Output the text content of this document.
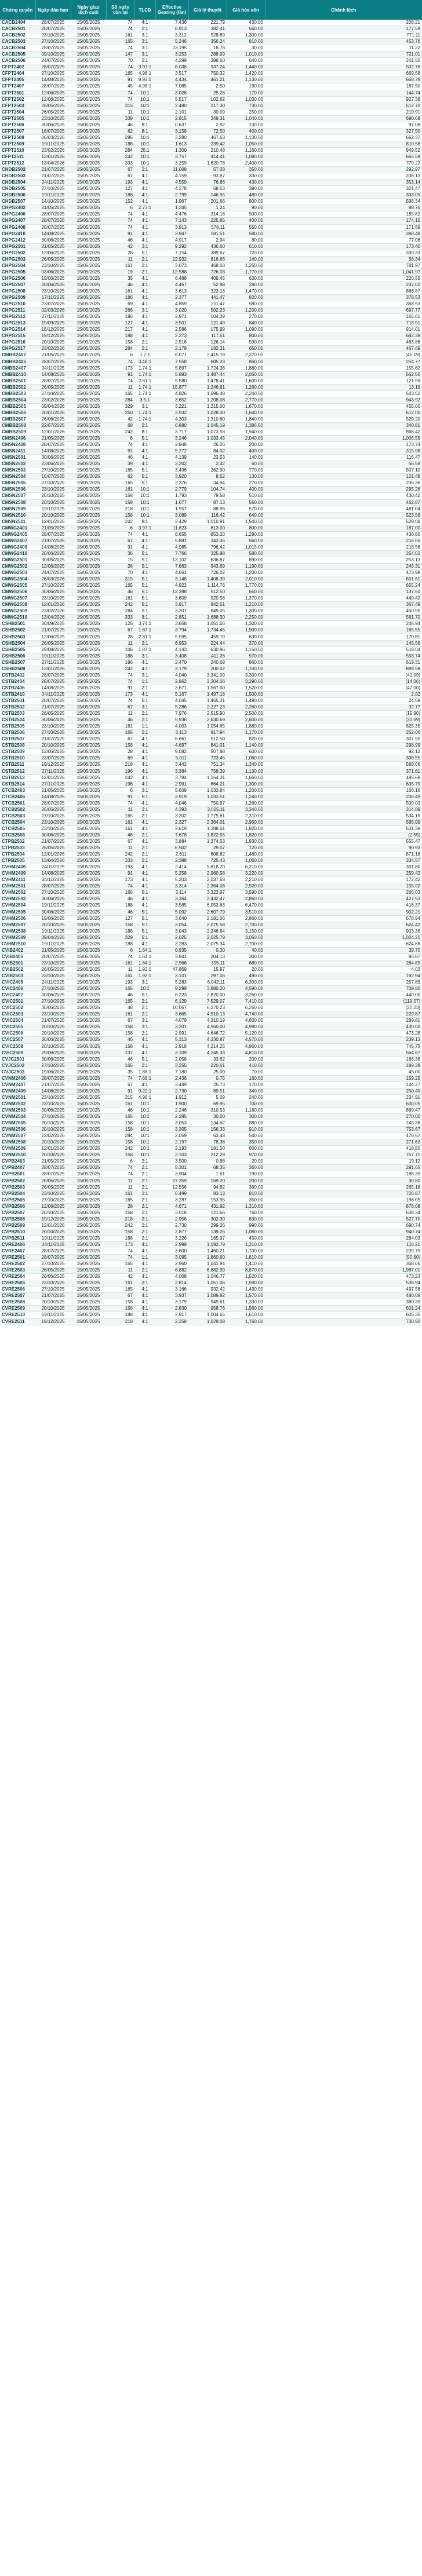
Chứng quyền	Ngày đáo hạn	Ngày giao dịch cuối	Số ngày còn lại	TLCĐ	Effective Gearing (lần)	Giá lý thuyết	Giá hòa vốn	Chênh lệch
CACB2404	28/07/2025	15/05/2025	74	4:1	7.436	221.79	430.00	208.21
CACB2501	28/07/2025	15/05/2025	74	2:1	8.913	382.41	560.00	177.59
CACB2502	23/10/2025	15/05/2025	161	3:1	3.312	528.89	1,300.00	771.11
CACB2503	27/10/2025	15/05/2025	165	3:1	5.246	356.24	810.00	453.76
CACB2504	28/07/2025	15/05/2025	74	3:1	23.195	18.78	30.00	11.22
CACB2505	09/10/2025	15/05/2025	147	3:1	3.253	288.99	1,010.00	721.01
CACB2506	24/07/2025	15/05/2025	70	2:1	4.299	398.50	640.00	241.50
CFPT2402	28/07/2025	15/05/2025	74	3.97:1	8.038	937.24	1,440.00	502.76
CFPT2404	27/10/2025	15/05/2025	165	4.98:1	3.517	750.32	1,420.00	669.68
CFPT2405	14/08/2025	15/05/2025	91	9.93:1	4.434	461.21	1,130.00	668.79
CFPT2407	28/07/2025	15/05/2025	45	4.98:1	7.085	2.50	190.00	187.50
CFPT2501	12/06/2025	15/05/2025	74	10:1	3.028	25.26	170.00	144.74
CFPT2502	12/06/2025	15/05/2025	74	10:1	5.517	102.62	1,030.00	927.38
CFPT2503	26/05/2025	15/05/2025	315	10:1	2.480	217.30	730.00	512.70
CFPT2504	26/05/2025	15/05/2025	11	10:1	2.101	30.09	250.00	219.91
CFPT2505	23/10/2025	15/05/2025	339	10:1	2.815	349.31	1,040.00	690.69
CFPT2506	30/06/2025	15/05/2025	46	8:1	0.637	2.92	100.00	97.08
CFPT2507	16/07/2025	15/05/2025	62	8:1	3.158	72.50	400.00	327.50
CFPT2508	06/03/2026	15/05/2025	295	10:1	3.280	467.63	1,130.00	662.37
CFPT2509	19/11/2025	15/05/2025	188	10:1	1.613	239.42	1,050.00	810.58
CFPT2510	23/02/2026	15/05/2025	284	25:1	1.300	210.48	1,160.00	949.52
CFPT2511	12/01/2026	15/05/2025	242	10:1	3.757	414.41	1,080.00	665.59
CFPT2512	13/04/2026	15/05/2025	333	10:1	3.259	1,620.78	2,400.00	779.22
CHDB2502	21/07/2025	15/05/2025	67	2:1	11.009	57.03	350.00	292.97
CHDB2503	21/07/2025	15/05/2025	67	4:1	4.159	93.87	330.00	236.13
CHDB2504	24/11/2025	15/05/2025	193	4:1	4.559	76.86	430.00	353.14
CHDB2505	27/10/2025	15/05/2025	127	4:1	4.278	68.53	390.00	321.47
CHDB2506	19/11/2025	15/05/2025	188	4:1	2.799	146.95	480.00	333.05
CHDB2507	14/10/2025	15/05/2025	152	4:1	1.967	201.66	800.00	598.34
CHPG2402	21/05/2025	15/05/2025	6	2.73:1	1.245	1.24	90.00	88.76
CHPG2406	28/07/2025	15/05/2025	74	4:1	4.476	314.18	500.00	185.82
CHPG2407	28/07/2025	15/05/2025	74	4:1	7.143	225.85	400.00	174.15
CHPG2408	28/07/2025	15/05/2025	74	4:1	3.913	378.11	550.00	171.89
CHPG2410	14/08/2025	15/05/2025	91	4:1	3.947	181.51	580.00	398.49
CHPG2412	30/06/2025	15/05/2025	46	4:1	4.917	2.94	80.00	77.06
CHPG2501	21/05/2025	15/05/2025	42	3:1	9.292	436.60	610.00	173.40
CHPG2502	12/06/2025	15/05/2025	28	5:1	7.154	389.67	720.00	330.33
CHPG2503	26/05/2025	15/05/2025	11	2:1	22.932	816.66	140.00	56.34
CHPG2504	23/10/2025	15/05/2025	161	2:1	3.073	468.03	1,250.00	781.97
CHPG2505	03/06/2025	15/05/2025	19	2:1	12.588	726.03	1,770.00	1,041.97
CHPG2506	19/06/2025	15/05/2025	35	4:1	6.488	409.45	630.00	220.55
CHPG2507	30/06/2025	15/05/2025	46	4:1	4.467	52.98	290.00	237.02
CHPG2508	23/10/2025	15/05/2025	161	4:1	3.613	323.13	1,470.00	866.87
CHPG2509	17/11/2025	15/05/2025	186	4:1	2.377	441.47	820.00	378.53
CHPG2510	23/07/2025	15/05/2025	69	4:1	4.859	211.47	580.00	368.53
CHPG2511	02/03/2026	15/05/2025	266	3:1	3.020	502.23	1,200.00	697.77
CHPG2512	27/11/2025	15/05/2025	196	4:1	2.971	104.39	270.00	165.61
CHPG2513	19/09/2025	15/05/2025	127	4:1	3.501	121.49	840.00	718.51
CHPG2514	18/12/2025	15/05/2025	217	4:1	2.586	175.99	1,090.00	914.01
CHPG2515	19/12/2025	15/05/2025	188	4:1	2.273	117.61	800.00	682.39
CHPG2516	20/10/2025	15/05/2025	158	2:1	2.516	126.14	590.00	463.86
CHPG2517	23/02/2026	15/05/2025	284	2:1	2.179	182.31	650.00	467.69
CMBB2402	21/05/2025	15/05/2025	6	1.7:1	6.071	2,415.19	2,370.00	(45.19)
CMBB2405	28/07/2025	15/05/2025	74	3.48:1	7.558	605.23	860.00	254.77
CMBB2407	04/11/2025	15/05/2025	173	1.74:1	5.897	1,724.38	1,880.00	155.62
CMBB2410	14/08/2025	15/05/2025	91	1.74:1	5.893	1,487.44	2,050.00	562.56
CMBB2501	28/07/2025	15/05/2025	74	2.61:1	5.580	1,478.41	1,600.00	121.59
CMBB2502	26/05/2025	15/05/2025	11	1.74:1	15.877	1,246.81	1,260.00	13.19
CMBB2503	27/10/2025	15/05/2025	165	1.74:1	4.826	1,696.48	2,240.00	543.52
CMBB2504	23/02/2026	15/05/2025	284	3.5:1	3.652	1,208.08	2,770.00	943.92
CMBB2505	09/04/2026	15/05/2025	329	3:1	3.221	1,215.00	1,670.00	455.00
CMBB2506	20/01/2026	15/05/2025	250	1.74:1	3.932	1,028.00	1,640.00	612.00
CMBB2507	26/06/2025	15/05/2025	42	1.74:1	4.303	1,310.80	1,840.00	529.20
CMBB2508	22/07/2025	15/05/2025	68	2:1	6.880	1,045.19	1,386.00	340.81
CMBB2509	12/01/2026	15/05/2025	242	8:1	3.717	1,073.58	1,940.00	866.42
CMSN2406	21/05/2025	15/05/2025	6	5:1	3.246	1,033.45	2,040.00	1,006.55
CMSN2408	28/07/2025	15/05/2025	74	4:1	2.948	26.26	200.00	173.74
CMSN2411	14/08/2025	15/05/2025	91	4:1	5.272	84.02	400.00	315.98
CMSN2501	30/06/2025	15/05/2025	46	4:1	4.139	23.53	140.00	116.47
CMSN2502	23/06/2025	15/05/2025	39	4:1	3.202	3.42	60.00	56.58
CMSN2503	27/10/2025	15/05/2025	165	5:1	3.496	262.90	770.00	507.10
CMSN2504	16/07/2025	15/05/2025	62	5:1	3.920	8.52	130.00	121.48
CMSN2505	27/10/2025	15/05/2025	165	5:1	2.376	34.64	270.00	235.36
CMSN2506	23/10/2025	15/05/2025	161	10:1	2.779	104.74	400.00	295.26
CMSN2507	20/10/2025	15/05/2025	158	10:1	1.793	79.58	510.00	430.42
CMSN2508	20/10/2025	15/05/2025	158	10:1	1.677	87.13	550.00	462.87
CMSN2509	19/11/2025	15/05/2025	218	10:1	1.557	88.96	570.00	481.04
CMSN2510	20/10/2025	15/05/2025	158	10:1	3.089	116.42	640.00	523.58
CMSN2511	12/01/2026	15/05/2025	242	8:1	3.429	1,010.91	1,540.00	529.09
CMWG2401	21/05/2025	15/05/2025	6	3.97:1	11.823	613.00	800.00	187.00
CMWG2405	28/07/2025	15/05/2025	74	4:1	6.655	853.20	1,290.00	436.80
CMWG2407	21/07/2025	15/05/2025	67	4:1	5.881	343.35	560.00	216.65
CMWG2409	14/08/2025	15/05/2025	91	4:1	4.985	796.42	1,015.00	218.58
CMWG2410	20/06/2025	15/05/2025	36	5:1	7.766	325.98	580.00	254.02
CMWG2501	30/05/2025	15/05/2025	15	5:1	13.102	636.87	890.00	253.13
CMWG2502	12/06/2025	15/05/2025	28	5:1	7.663	943.69	1,190.00	246.31
CMWG2503	24/07/2025	15/05/2025	70	4:1	4.661	726.02	1,200.00	473.98
CMWG2504	26/03/2026	15/05/2025	315	5:1	3.148	1,408.39	2,010.00	601.61
CMWG2505	27/10/2025	15/05/2025	165	5:1	4.923	1,114.76	1,770.00	655.24
CMWG2506	30/06/2025	15/05/2025	46	5:1	12.398	512.50	650.00	137.50
CMWG2507	23/10/2025	15/05/2025	161	5:1	3.609	920.58	1,370.00	449.42
CMWG2508	12/01/2026	15/05/2025	242	5:1	3.917	842.51	1,210.00	367.49
CMWG2509	23/02/2026	15/05/2025	284	5:1	3.207	849.05	1,300.00	450.95
CMWG2510	13/04/2026	15/05/2025	333	8:1	2.851	1,688.30	2,250.00	561.70
CSHB2501	30/09/2025	15/05/2025	125	3.74:1	3.658	1,051.06	1,300.00	248.94
CSHB2502	21/07/2025	15/05/2025	67	1.87:1	3.794	1,734.45	1,900.00	165.55
CSHB2503	12/06/2025	15/05/2025	28	2.81:1	5.595	459.19	630.00	170.81
CSHB2504	26/05/2025	15/05/2025	11	2:1	6.953	224.44	370.00	145.56
CSHB2505	29/08/2025	15/05/2025	106	1.87:1	4.143	630.96	1,150.00	519.04
CSHB2506	19/11/2025	15/05/2025	188	3:1	3.408	411.26	970.00	558.74
CSHB2507	27/11/2025	15/05/2025	196	4:1	2.470	240.69	860.00	619.31
CSHB2508	12/01/2026	15/05/2025	242	4:1	3.179	200.02	1,100.00	899.98
CSTB2402	28/07/2025	15/05/2025	74	3:1	4.040	3,341.09	3,300.00	(41.09)
CSTB2404	28/07/2025	15/05/2025	74	1:1	2.862	3,304.06	3,290.00	(14.06)
CSTB2406	14/08/2025	15/05/2025	91	2:1	3.671	1,567.00	1,520.00	(47.00)
CSTB2410	04/11/2025	15/05/2025	173	4:1	5.167	1,497.18	1,500.00	2.82
CSTB2501	28/07/2025	15/05/2025	74	5:1	4.045	1,465.31	1,490.00	24.69
CSTB2502	21/07/2025	15/05/2025	67	3:1	5.286	2,227.23	2,260.00	32.77
CSTB2503	26/05/2025	15/05/2025	11	2:1	7.976	2,515.90	2,500.00	(15.90)
CSTB2504	30/06/2025	15/05/2025	46	2:1	5.936	2,630.69	2,600.00	(30.69)
CSTB2505	23/10/2025	15/05/2025	161	1:1	4.003	1,054.65	1,880.00	825.35
CSTB2506	27/10/2025	15/05/2025	165	2:1	3.113	917.94	1,170.00	252.06
CSTB2507	21/07/2025	15/05/2025	67	4:1	6.661	512.50	820.00	307.50
CSTB2508	20/10/2025	15/05/2025	158	4:1	4.697	841.01	1,140.00	298.99
CSTB2509	12/06/2025	15/05/2025	28	4:1	9.082	507.88	600.00	92.12
CSTB2510	23/07/2025	15/05/2025	69	4:1	5.011	723.45	1,060.00	336.55
CSTB2511	19/12/2025	15/05/2025	218	4:1	3.442	751.34	1,340.00	588.66
CSTB2512	27/11/2025	15/05/2025	196	4:1	3.384	758.39	1,130.00	371.61
CSTB2513	12/01/2026	15/05/2025	242	4:1	3.784	1,164.31	1,660.00	495.69
CSTB2514	27/11/2025	15/05/2025	196	4:1	2.991	664.21	1,300.00	635.79
CTCB2403	21/05/2025	15/05/2025	6	3:1	5.609	1,033.84	1,200.00	166.16
CTCB2406	14/08/2025	15/05/2025	91	5:1	3.919	1,033.51	1,240.00	206.49
CTCB2501	28/07/2025	15/05/2025	74	4:1	4.046	750.97	1,260.00	509.03
CTCB2502	26/05/2025	15/05/2025	11	2:1	4.393	3,025.11	3,340.00	314.89
CTCB2503	27/10/2025	15/05/2025	165	2:1	3.202	1,775.81	2,310.00	534.19
CTCB2504	23/10/2025	15/05/2025	161	4:1	2.327	2,364.01	2,950.00	585.99
CTCB2505	23/10/2025	15/05/2025	161	4:1	2.619	1,288.61	1,820.00	531.39
CTCB2506	30/06/2025	15/05/2025	46	2:1	7.678	1,822.55	1,820.00	(2.55)
CTPB2502	21/07/2025	15/05/2025	67	4:1	3.884	1,374.53	1,930.00	555.47
CTPB2503	26/05/2025	15/05/2025	11	2:1	6.502	29.07	120.00	90.93
CTPB2504	12/01/2026	15/05/2025	242	2:1	2.611	608.82	1,480.00	871.18
CTPB2505	13/04/2026	15/05/2025	333	2:1	2.388	725.43	1,060.00	334.57
CVHM2406	24/11/2025	15/05/2025	193	4:1	2.414	5,818.20	6,210.00	391.80
CVHM2409	14/08/2025	15/05/2025	91	4:1	5.258	2,960.58	3,220.00	259.42
CVHM2411	04/11/2025	15/05/2025	173	4:1	5.203	2,037.58	2,210.00	172.42
CVHM2501	28/07/2025	15/05/2025	74	4:1	3.314	2,364.08	2,520.00	155.92
CVHM2502	27/10/2025	15/05/2025	165	5:1	3.114	3,323.97	3,590.00	266.03
CVHM2503	30/06/2025	15/05/2025	46	4:1	3.364	2,432.47	2,860.00	427.53
CVHM2504	19/11/2025	15/05/2025	188	4:1	3.565	6,053.63	6,470.00	416.37
CVHM2505	30/06/2025	15/05/2025	46	5:1	5.092	2,607.79	3,510.00	902.21
CVHM2506	19/06/2025	15/05/2025	127	5:1	3.640	2,181.06	2,860.00	678.94
CVHM2507	20/10/2025	15/05/2025	158	5:1	3.054	2,075.58	2,700.00	624.42
CVHM2508	19/11/2025	15/05/2025	188	5:1	3.043	2,246.64	3,150.00	903.36
CVHM2509	09/04/2026	15/05/2025	329	5:1	2.025	2,025.79	3,050.00	1,024.21
CVHM2510	19/11/2025	15/05/2025	188	4:1	3.283	2,075.34	2,700.00	624.66
CVIB2402	21/05/2025	15/05/2025	6	1.64:1	0.935	0.30	40.00	39.70
CVIB2405	28/07/2025	15/05/2025	74	1.64:1	3.941	204.13	300.00	95.87
CVIB2501	23/10/2025	15/05/2025	161	1.64:1	2.966	395.11	680.00	284.89
CVIB2502	26/05/2025	15/05/2025	11	1.92:1	47.869	15.97	20.00	4.03
CVIB2503	23/10/2025	15/05/2025	161	1.92:1	3.101	297.06	490.00	192.94
CVIC2405	24/11/2025	15/05/2025	193	3:1	5.283	6,042.11	6,300.00	257.89
CVIC2406	27/10/2025	15/05/2025	165	10:1	9.299	3,880.20	4,590.00	709.80
CVIC2407	30/06/2025	15/05/2025	46	5:1	6.223	2,820.00	3,260.00	440.00
CVIC2501	27/10/2025	15/05/2025	165	2:1	6.129	7,529.07	7,410.00	(119.07)
CVIC2502	30/06/2025	15/05/2025	46	2:1	10.057	6,270.23	6,250.00	(20.23)
CVIC2503	23/10/2025	15/05/2025	161	2:1	3.665	4,510.13	4,740.00	229.87
CVIC2504	21/07/2025	15/05/2025	67	3:1	4.079	4,310.19	4,600.00	289.81
CVIC2505	20/10/2025	15/05/2025	158	3:1	3.201	4,560.00	4,990.00	430.00
CVIC2506	20/10/2025	15/05/2025	158	2:1	2.991	4,646.72	5,120.00	473.28
CVIC2507	30/06/2025	15/05/2025	46	4:1	5.313	4,330.87	4,570.00	239.13
CVIC2508	20/10/2025	15/05/2025	158	4:1	2.918	4,214.25	4,960.00	745.75
CVIC2509	29/09/2025	15/05/2025	137	4:1	3.109	4,245.33	4,810.00	564.67
CVJC2501	30/06/2025	15/05/2025	46	5:1	2.058	33.62	200.00	166.38
CVJC2502	27/10/2025	15/05/2025	165	2:1	3.255	220.61	410.00	189.39
CVJC2503	19/06/2025	15/05/2025	35	1.88:1	7.180	25.00	70.00	45.00
CVNM2406	28/07/2025	15/05/2025	74	7.68:1	2.436	0.75	160.00	159.25
CVNM2407	21/07/2025	15/05/2025	67	4:1	3.449	25.73	170.00	144.27
CVNM2409	14/08/2025	15/05/2025	91	9.22:1	2.730	89.51	340.00	250.49
CVNM2501	23/10/2025	15/05/2025	315	4.98:1	1.912	5.09	240.00	234.91
CVNM2502	23/10/2025	15/05/2025	161	10:1	1.900	69.95	700.00	630.05
CVNM2503	30/06/2025	15/05/2025	46	10:1	2.246	310.53	1,180.00	869.47
CVNM2504	27/10/2025	15/05/2025	165	10:1	2.285	30.00	300.00	270.00
CVNM2505	20/10/2025	15/05/2025	158	10:1	3.053	134.62	880.00	745.38
CVNM2506	20/10/2025	15/05/2025	158	10:1	3.305	156.33	910.00	753.67
CVNM2507	23/02/2026	15/05/2025	284	10:1	2.059	63.43	540.00	476.57
CVNM2508	20/10/2025	15/05/2025	158	10:1	2.197	78.38	350.00	271.62
CVNM2509	12/01/2026	15/05/2025	242	10:1	2.193	181.50	600.00	418.50
CVNM2510	20/10/2025	15/05/2025	158	10:1	2.103	212.29	970.00	757.71
CVPB2403	21/05/2025	15/05/2025	6	2:1	3.500	0.88	20.00	19.12
CVPB2407	28/07/2025	15/05/2025	74	2:1	5.301	68.35	360.00	291.65
CVPB2501	28/07/2025	15/05/2025	74	2:1	3.904	1.61	190.00	188.39
CVPB2502	26/05/2025	15/05/2025	11	2:1	27.359	169.20	200.00	30.80
CVPB2503	26/05/2025	15/05/2025	11	2:1	12.556	94.82	360.00	265.18
CVPB2504	23/10/2025	15/05/2025	161	2:1	6.499	83.13	810.00	726.87
CVPB2505	27/10/2025	15/05/2025	165	2:1	3.287	153.95	350.00	196.05
CVPB2506	12/06/2025	15/05/2025	28	2:1	4.671	431.92	1,310.00	878.08
CVPB2507	20/10/2025	15/05/2025	158	2:1	3.018	121.66	760.00	638.34
CVPB2508	19/12/2025	15/05/2025	218	2:1	2.956	302.30	830.00	527.70
CVPB2509	12/01/2026	15/05/2025	242	2:1	2.730	299.26	990.00	690.74
CVPB2510	20/10/2025	15/05/2025	158	2:1	2.877	139.26	1,080.00	940.74
CVPB2511	19/11/2025	15/05/2025	188	2:1	3.226	165.97	450.00	284.03
CVRE2406	04/11/2025	15/05/2025	173	4:1	2.999	1,193.79	1,310.00	116.21
CVRE2407	28/07/2025	15/05/2025	74	4:1	3.600	1,460.21	1,700.00	239.79
CVRE2501	28/07/2025	15/05/2025	74	1:1	3.095	1,860.60	1,810.00	(50.60)
CVRE2502	27/10/2025	15/05/2025	165	4:1	2.960	1,041.94	1,410.00	368.06
CVRE2503	26/05/2025	15/05/2025	11	2:1	6.882	6,882.99	8,870.00	1,987.01
CVRE2504	26/06/2025	15/05/2025	42	4:1	4.008	1,046.77	1,520.00	473.23
CVRE2505	23/10/2025	15/05/2025	161	3:1	2.814	1,051.06	1,590.00	538.94
CVRE2506	27/10/2025	15/05/2025	165	4:1	3.166	932.42	1,430.00	497.58
CVRE2507	21/07/2025	15/05/2025	67	4:1	3.937	1,089.92	1,570.00	480.08
CVRE2508	20/10/2025	15/05/2025	158	4:1	3.179	949.61	1,330.00	380.39
CVRE2509	20/10/2025	15/05/2025	158	4:1	2.830	958.76	1,560.00	601.24
CVRE2510	19/11/2025	15/05/2025	188	4:1	2.917	1,004.65	1,610.00	605.35
CVRE2511	19/12/2025	15/05/2025	218	4:1	2.258	1,029.08	1,760.00	730.92
